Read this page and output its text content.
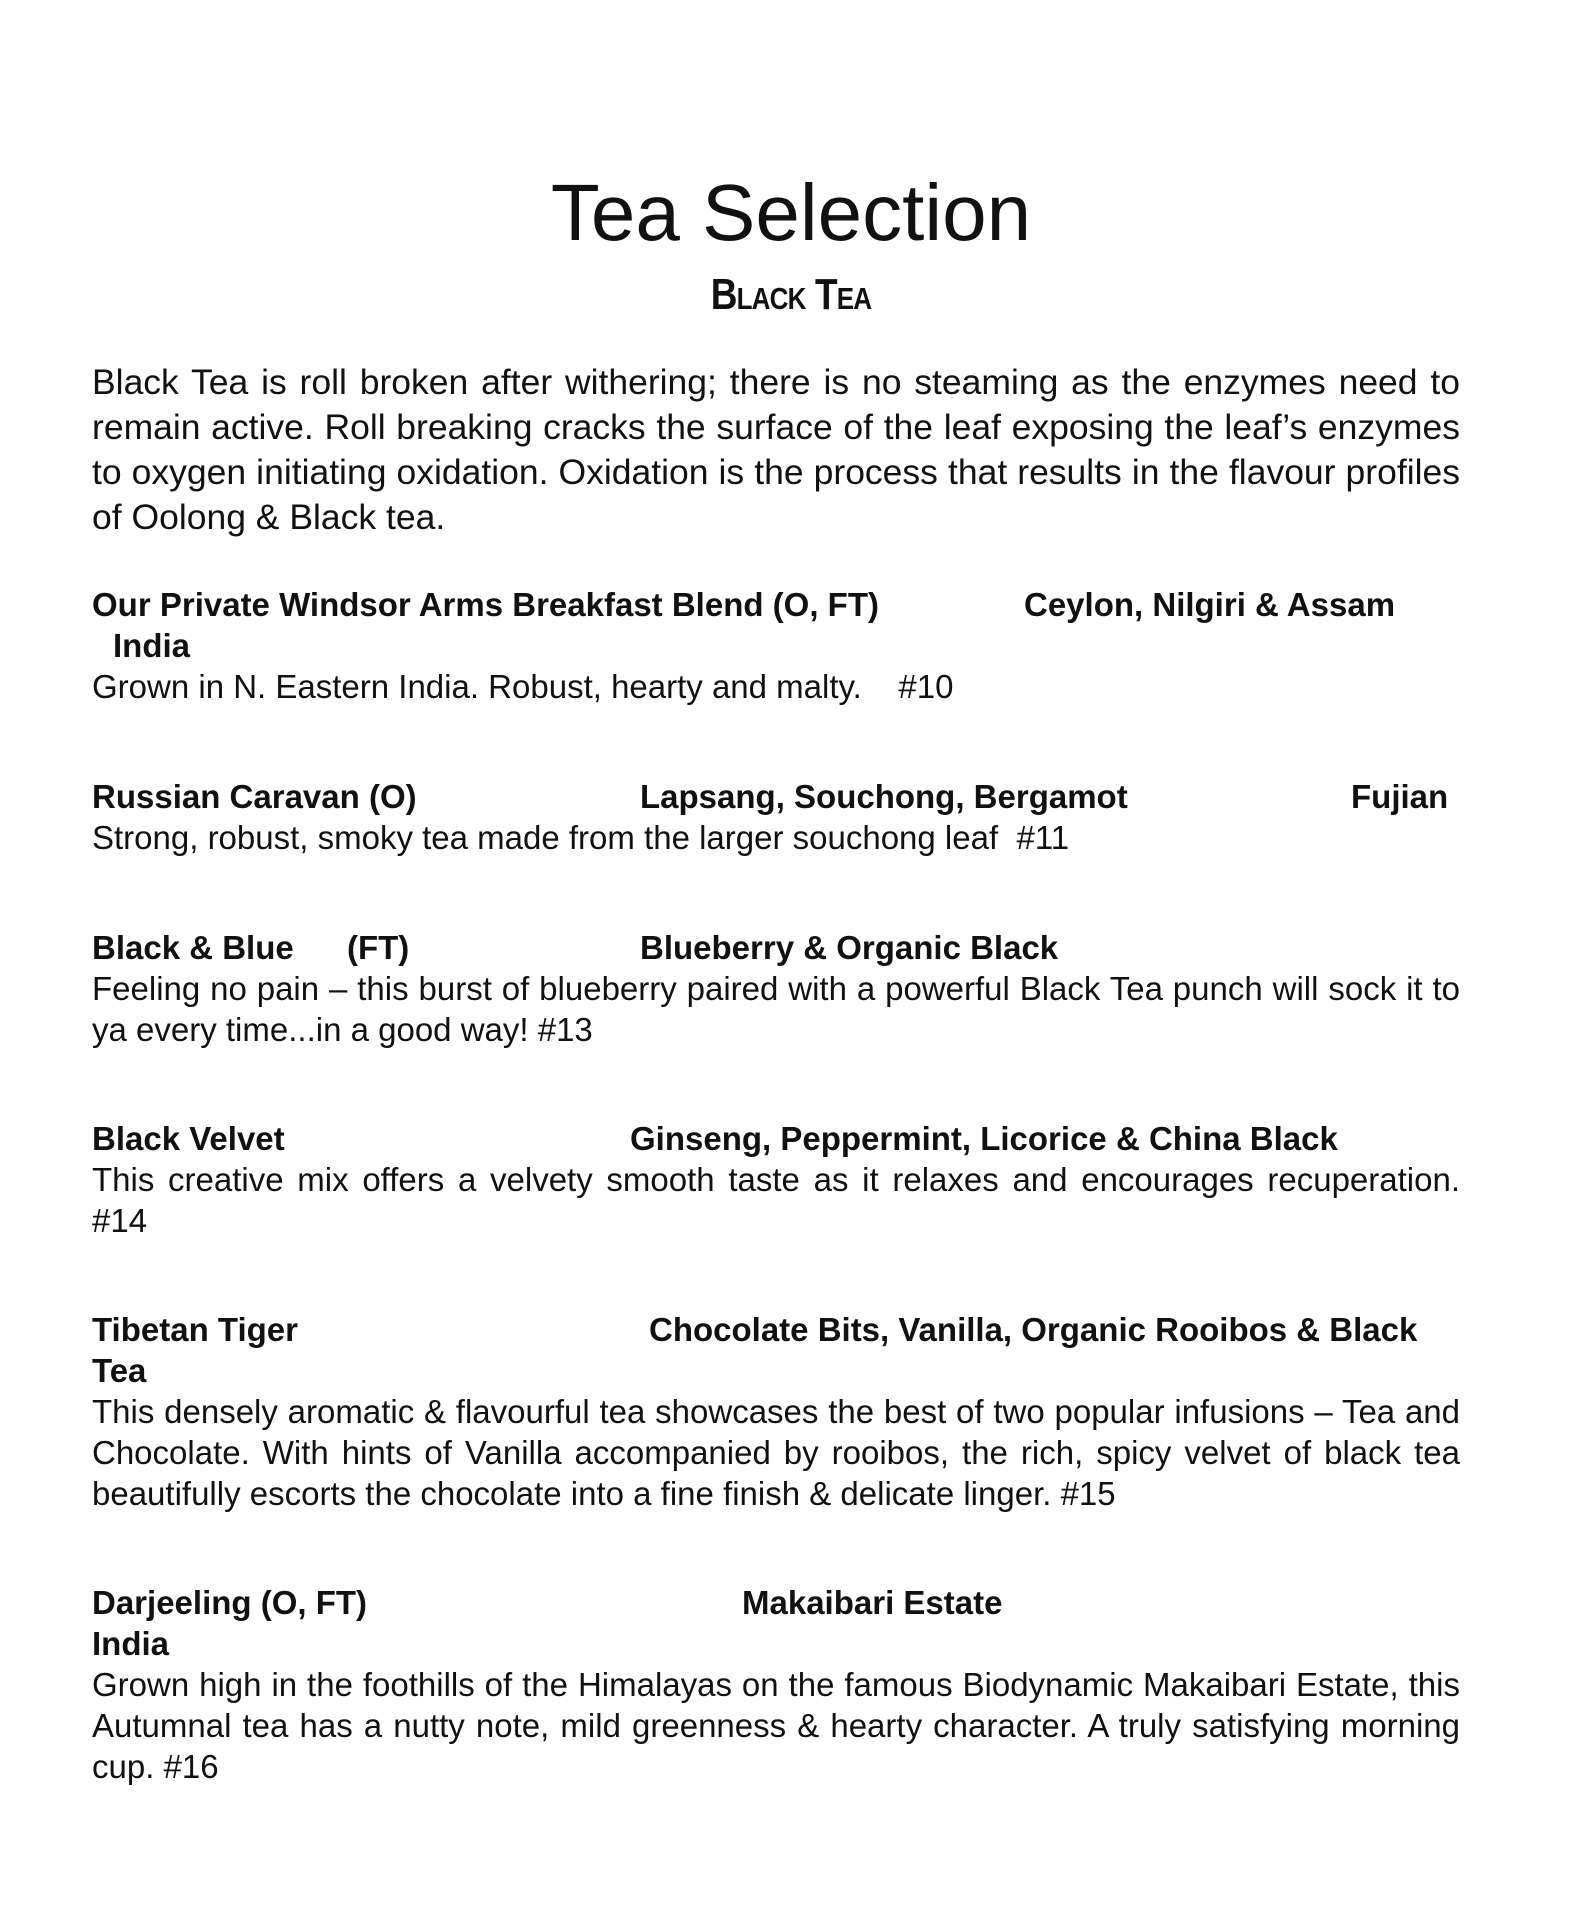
Tea Selection
Black Tea
Black Tea is roll broken after withering; there is no steaming as the enzymes need to remain active. Roll breaking cracks the surface of the leaf exposing the leaf’s enzymes to oxygen initiating oxidation. Oxidation is the process that results in the flavour profiles of Oolong & Black tea.
Our Private Windsor Arms Breakfast Blend (O, FT)	Ceylon, Nilgiri & Assam
India
Grown in N. Eastern India. Robust, hearty and malty.    #10
Russian Caravan (O)	Lapsang, Souchong, Bergamot	Fujian
Strong, robust, smoky tea made from the larger souchong leaf  #11
Black & Blue (FT)	Blueberry & Organic Black
Feeling no pain – this burst of blueberry paired with a powerful Black Tea punch will sock it to ya every time...in a good way! #13
Black Velvet	Ginseng, Peppermint, Licorice & China Black
This creative mix offers a velvety smooth taste as it relaxes and encourages recuperation. #14
Tibetan Tiger	Chocolate Bits, Vanilla, Organic Rooibos & Black
Tea
This densely aromatic & flavourful tea showcases the best of two popular infusions – Tea and Chocolate. With hints of Vanilla accompanied by rooibos, the rich, spicy velvet of black tea beautifully escorts the chocolate into a fine finish & delicate linger. #15
Darjeeling (O, FT)	Makaibari Estate
India
Grown high in the foothills of the Himalayas on the famous Biodynamic Makaibari Estate, this Autumnal tea has a nutty note, mild greenness & hearty character. A truly satisfying morning cup. #16
